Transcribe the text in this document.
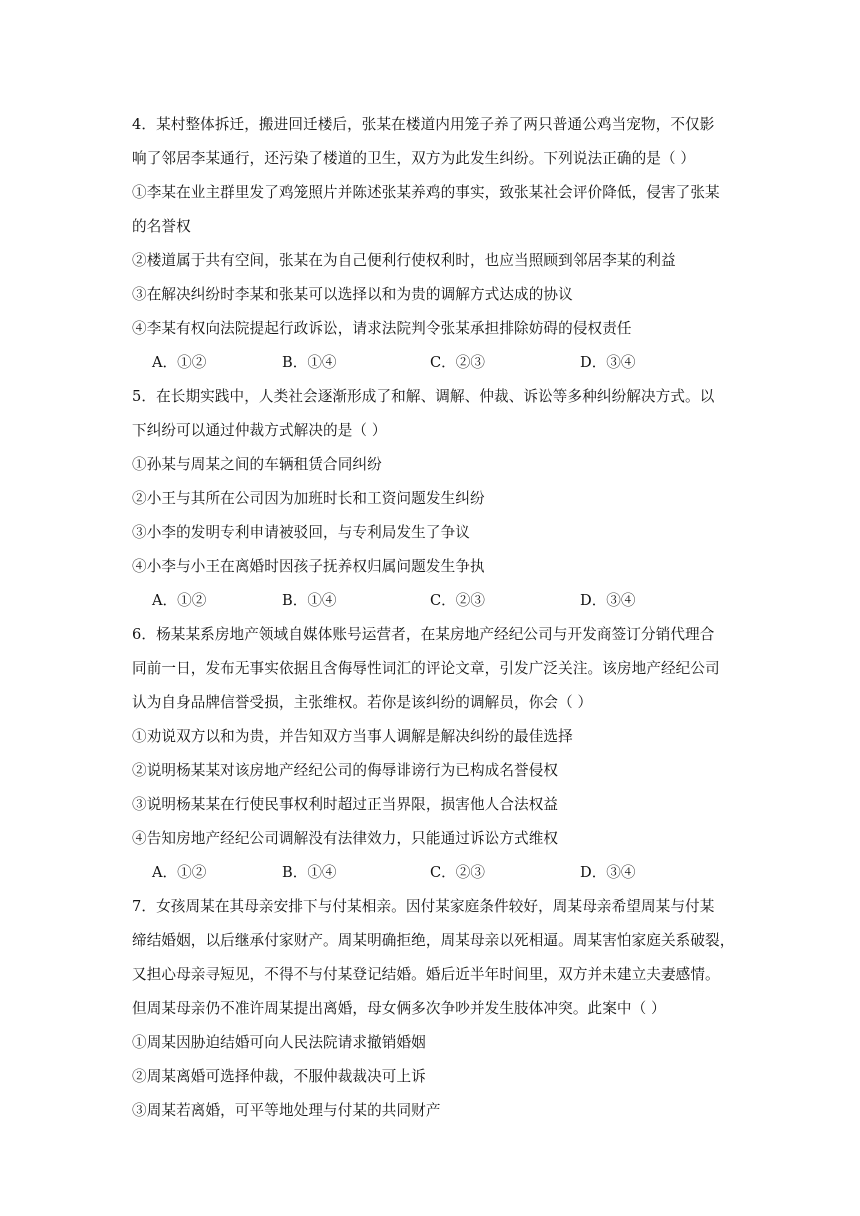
4．某村整体拆迁，搬进回迁楼后，张某在楼道内用笼子养了两只普通公鸡当宠物，不仅影
响了邻居李某通行，还污染了楼道的卫生，双方为此发生纠纷。下列说法正确的是（ ）
①李某在业主群里发了鸡笼照片并陈述张某养鸡的事实，致张某社会评价降低，侵害了张某
的名誉权
②楼道属于共有空间，张某在为自己便利行使权利时，也应当照顾到邻居李某的利益
③在解决纠纷时李某和张某可以选择以和为贵的调解方式达成的协议
④李某有权向法院提起行政诉讼，请求法院判令张某承担排除妨碍的侵权责任
A．①②	B．①④	C．②③	D．③④
5．在长期实践中，人类社会逐渐形成了和解、调解、仲裁、诉讼等多种纠纷解决方式。以
下纠纷可以通过仲裁方式解决的是（ ）
①孙某与周某之间的车辆租赁合同纠纷
②小王与其所在公司因为加班时长和工资问题发生纠纷
③小李的发明专利申请被驳回，与专利局发生了争议
④小李与小王在离婚时因孩子抚养权归属问题发生争执
A．①②	B．①④	C．②③	D．③④
6．杨某某系房地产领域自媒体账号运营者，在某房地产经纪公司与开发商签订分销代理合
同前一日，发布无事实依据且含侮辱性词汇的评论文章，引发广泛关注。该房地产经纪公司
认为自身品牌信誉受损，主张维权。若你是该纠纷的调解员，你会（ ）
①劝说双方以和为贵，并告知双方当事人调解是解决纠纷的最佳选择
②说明杨某某对该房地产经纪公司的侮辱诽谤行为已构成名誉侵权
③说明杨某某在行使民事权利时超过正当界限，损害他人合法权益
④告知房地产经纪公司调解没有法律效力，只能通过诉讼方式维权
A．①②	B．①④	C．②③	D．③④
7．女孩周某在其母亲安排下与付某相亲。因付某家庭条件较好，周某母亲希望周某与付某
缔结婚姻，以后继承付家财产。周某明确拒绝，周某母亲以死相逼。周某害怕家庭关系破裂，
又担心母亲寻短见，不得不与付某登记结婚。婚后近半年时间里，双方并未建立夫妻感情。
但周某母亲仍不准许周某提出离婚，母女俩多次争吵并发生肢体冲突。此案中（ ）
①周某因胁迫结婚可向人民法院请求撤销婚姻
②周某离婚可选择仲裁，不服仲裁裁决可上诉
③周某若离婚，可平等地处理与付某的共同财产
